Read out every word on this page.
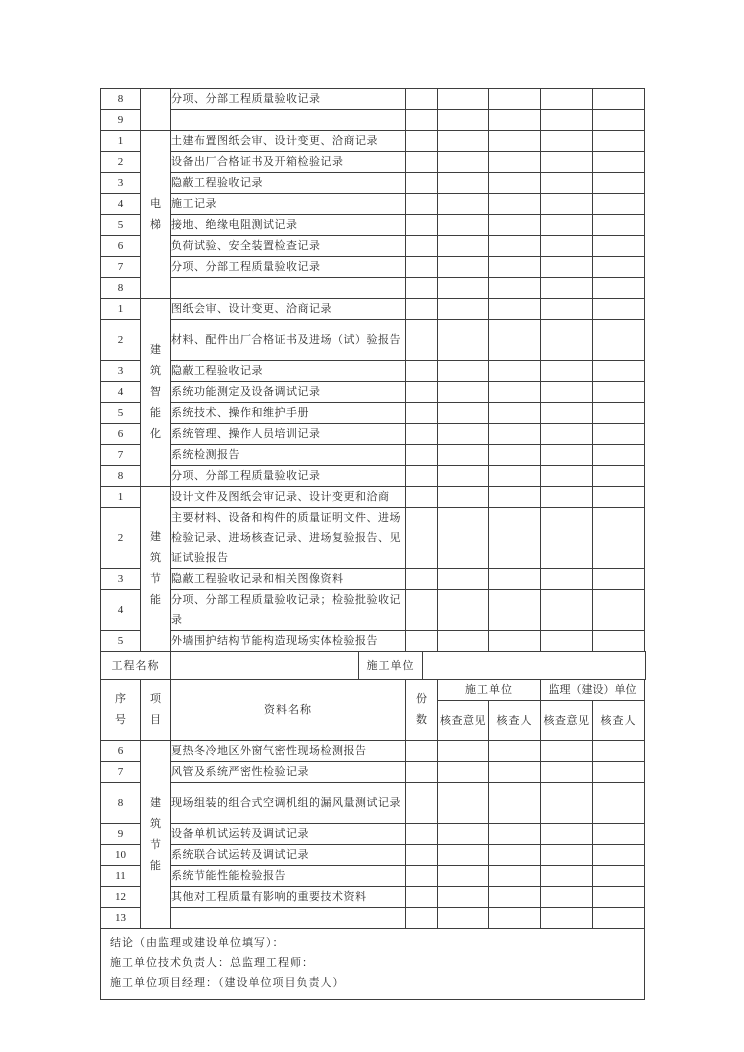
8		分项、分部工程质量验收记录					
9							
1	电梯	土建布置图纸会审、设计变更、洽商记录					
2		设备出厂合格证书及开箱检验记录					
3		隐蔽工程验收记录					
4		施工记录					
5		接地、绝缘电阻测试记录					
6		负荷试验、安全装置检查记录					
7		分项、分部工程质量验收记录					
8							
1	建筑智能化	图纸会审、设计变更、洽商记录					
2		材料、配件出厂合格证书及进场（试）验报告					
3		隐蔽工程验收记录					
4		系统功能测定及设备调试记录					
5		系统技术、操作和维护手册					
6		系统管理、操作人员培训记录					
7		系统检测报告					
8		分项、分部工程质量验收记录					
1	建筑节能	设计文件及图纸会审记录、设计变更和洽商					
2		主要材料、设备和构件的质量证明文件、进场检验记录、进场核查记录、进场复验报告、见证试验报告					
3		隐蔽工程验收记录和相关图像资料					
4		分项、分部工程质量验收记录；检验批验收记录					
5		外墙围护结构节能构造现场实体检验报告					
工程名称		施工单位	
序号	项目	资料名称	份数	施工单位		监理（建设）单位	
				核查意见	核查人	核查意见	核查人
6	建筑节能	夏热冬冷地区外窗气密性现场检测报告					
7		风管及系统严密性检验记录					
8		现场组装的组合式空调机组的漏风量测试记录					
9		设备单机试运转及调试记录					
10		系统联合试运转及调试记录					
11		系统节能性能检验报告					
12		其他对工程质量有影响的重要技术资料					
13							
结论（由监理或建设单位填写）：
施工单位技术负责人：总监理工程师：
施工单位项目经理：（建设单位项目负责人）
